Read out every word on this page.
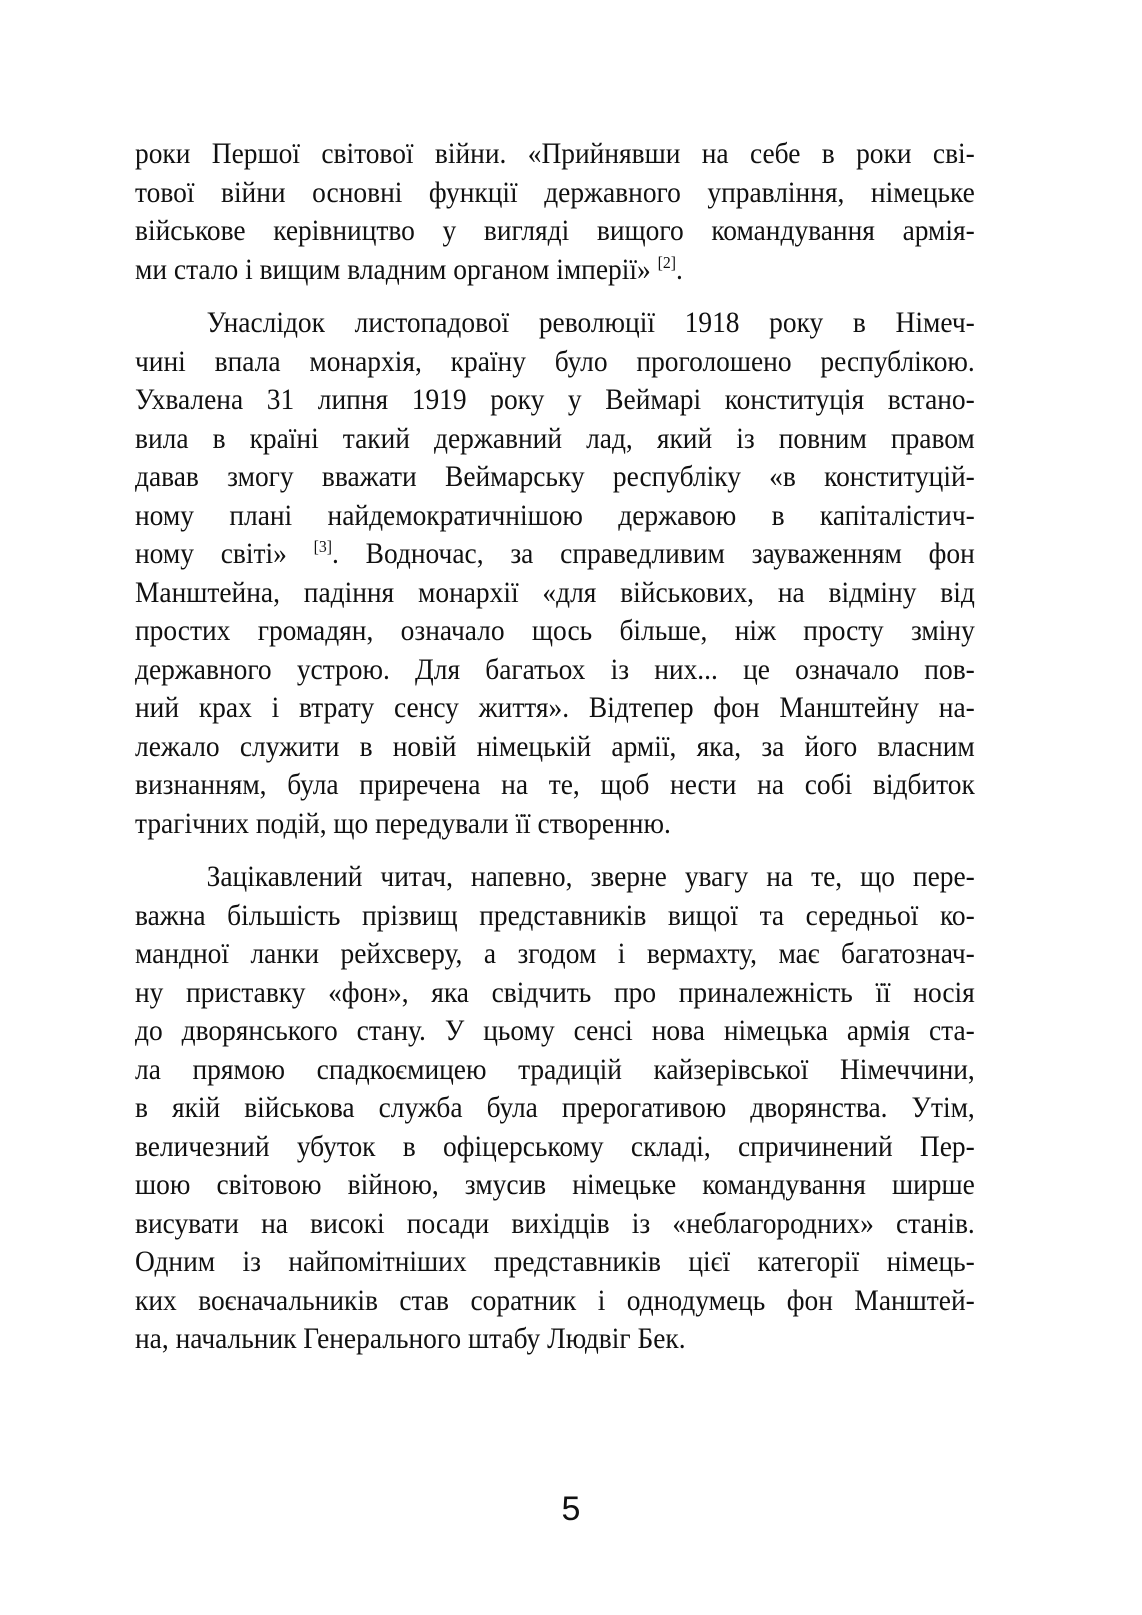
роки Першої світової війни. «Прийнявши на себе в роки сві-
тової війни основні функції державного управління, німецьке
військове керівництво у вигляді вищого командування армія-
ми стало і вищим владним органом імперії» [2].
Унаслідок листопадової революції 1918 року в Німеч-
чині впала монархія, країну було проголошено республікою.
Ухвалена 31 липня 1919 року у Веймарі конституція встано-
вила в країні такий державний лад, який із повним правом
давав змогу вважати Веймарську республіку «в конституцій-
ному плані найдемократичнішою державою в капіталістич-
ному світі» [3]. Водночас, за справедливим зауваженням фон
Манштейна, падіння монархії «для військових, на відміну від
простих громадян, означало щось більше, ніж просту зміну
державного устрою. Для багатьох із них... це означало пов-
ний крах і втрату сенсу життя». Відтепер фон Манштейну на-
лежало служити в новій німецькій армії, яка, за його власним
визнанням, була приречена на те, щоб нести на собі відбиток
трагічних подій, що передували її створенню.
Зацікавлений читач, напевно, зверне увагу на те, що пере-
важна більшість прізвищ представників вищої та середньої ко-
мандної ланки рейхсверу, а згодом і вермахту, має багатознач-
ну приставку «фон», яка свідчить про приналежність її носія
до дворянського стану. У цьому сенсі нова німецька армія ста-
ла прямою спадкоємицею традицій кайзерівської Німеччини,
в якій військова служба була прерогативою дворянства. Утім,
величезний убуток в офіцерському складі, спричинений Пер-
шою світовою війною, змусив німецьке командування ширше
висувати на високі посади вихідців із «неблагородних» станів.
Одним із найпомітніших представників цієї категорії німець-
ких воєначальників став соратник і однодумець фон Манштей-
на, начальник Генерального штабу Людвіг Бек.
5
